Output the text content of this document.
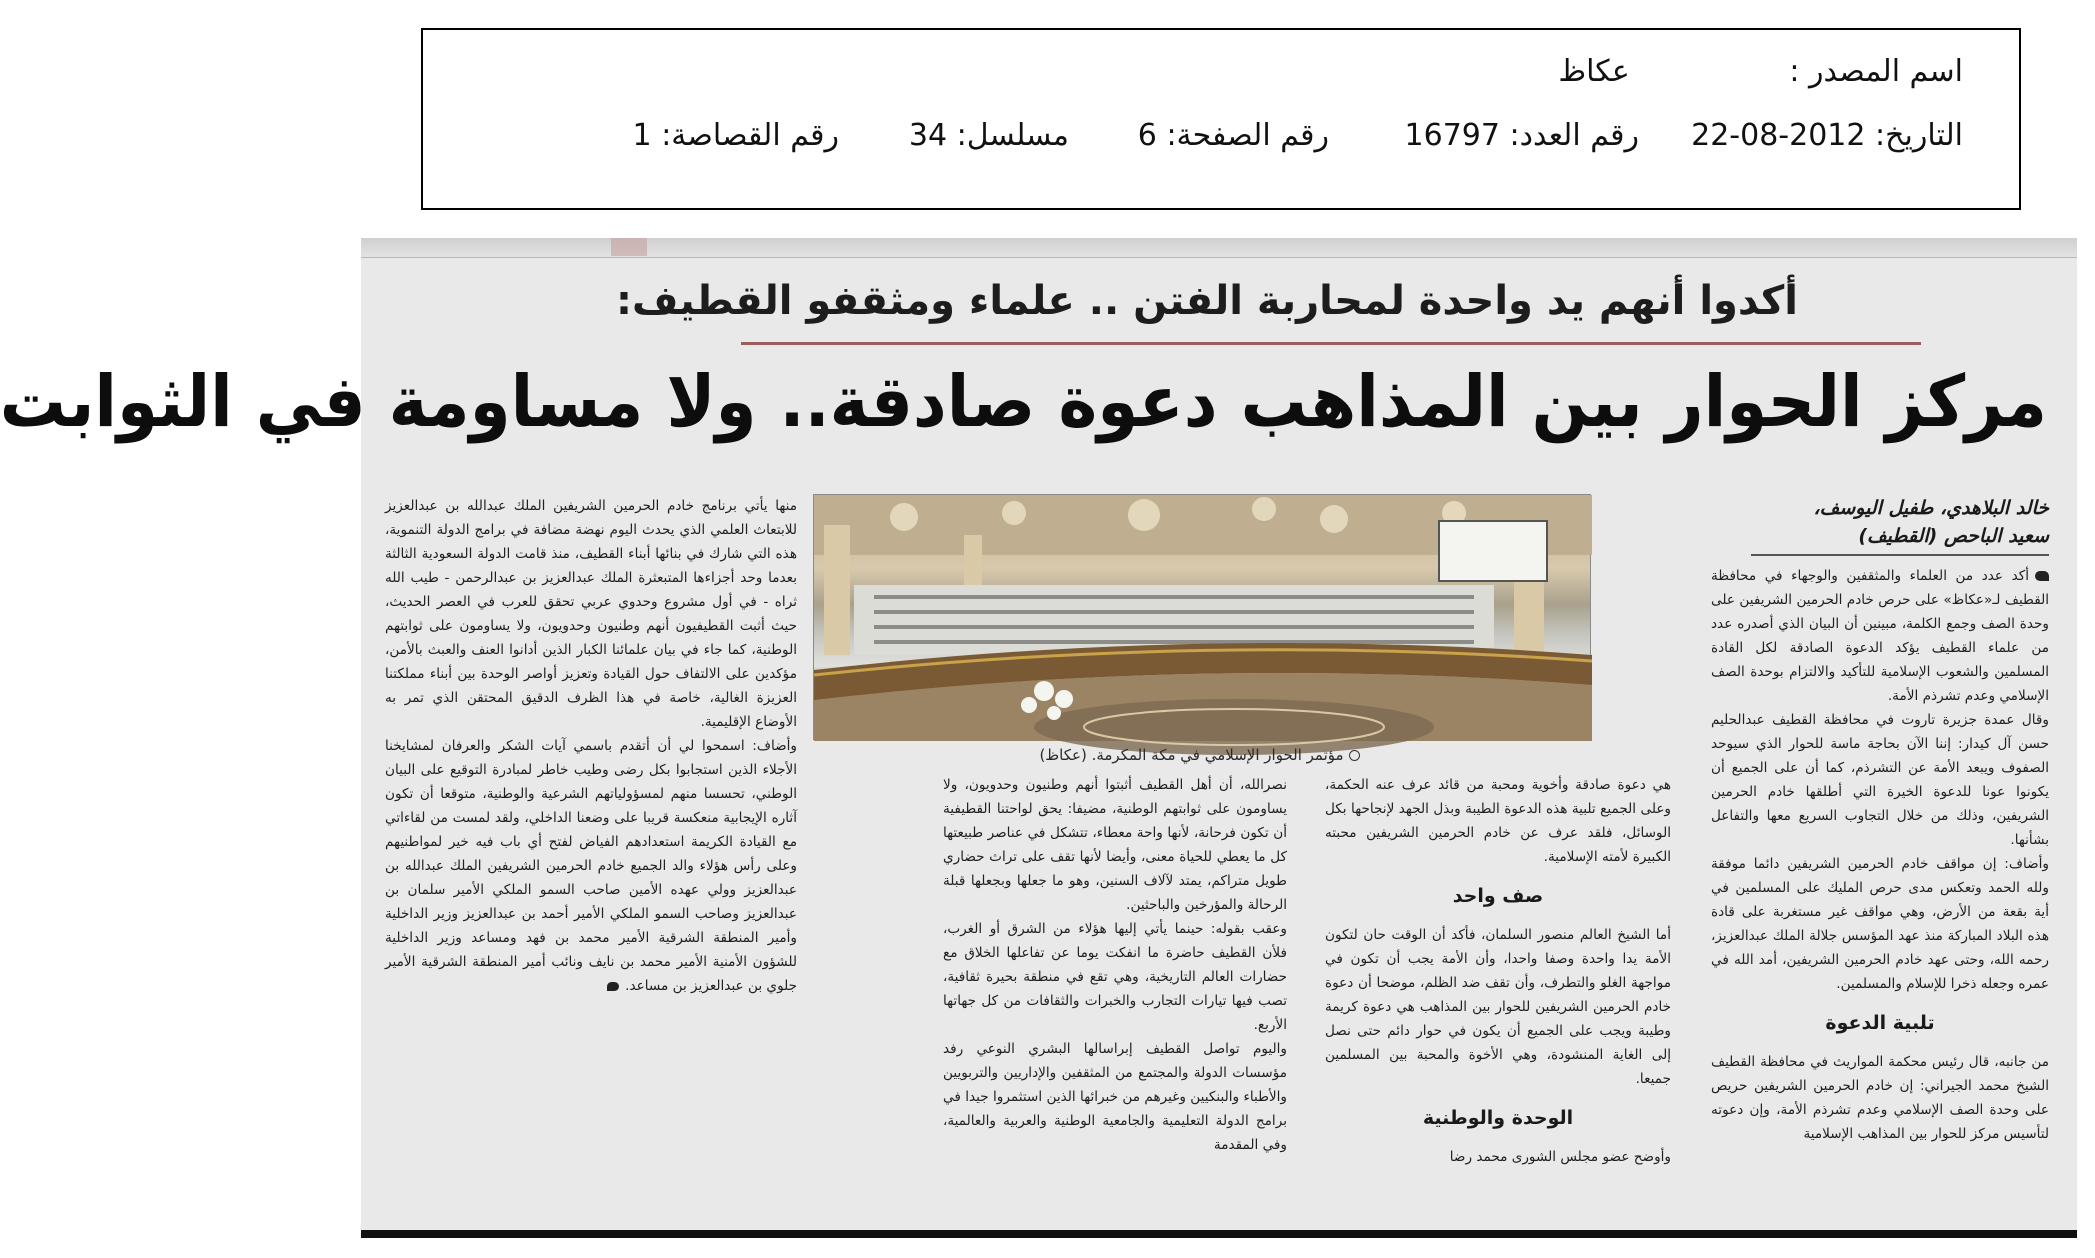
اسم المصدر : عكاظ
التاريخ: 22-08-2012
رقم العدد: 16797
رقم الصفحة: 6
مسلسل: 34
رقم القصاصة: 1
أكدوا أنهم يد واحدة لمحاربة الفتن .. علماء ومثقفو القطيف:
مركز الحوار بين المذاهب دعوة صادقة.. ولا مساومة في الثوابت
خالد البلاهدي، طفيل اليوسف،
سعيد الباحص (القطيف)

أكد عدد من العلماء والمثقفين والوجهاء في محافظة القطيف لـ«عكاظ» على حرص خادم الحرمين الشريفين على وحدة الصف وجمع الكلمة، مبينين أن البيان الذي أصدره عدد من علماء القطيف يؤكد الدعوة الصادقة لكل القادة المسلمين والشعوب الإسلامية للتأكيد والالتزام بوحدة الصف الإسلامي وعدم تشرذم الأمة.

وقال عمدة جزيرة تاروت في محافظة القطيف عبدالحليم حسن آل كيدار: إننا الآن بحاجة ماسة للحوار الذي سيوحد الصفوف ويبعد الأمة عن التشرذم، كما أن على الجميع أن يكونوا عونا للدعوة الخيرة التي أطلقها خادم الحرمين الشريفين، وذلك من خلال التجاوب السريع معها والتفاعل بشأنها.

وأضاف: إن مواقف خادم الحرمين الشريفين دائما موفقة ولله الحمد وتعكس مدى حرص المليك على المسلمين في أية بقعة من الأرض، وهي مواقف غير مستغربة على قادة هذه البلاد المباركة منذ عهد المؤسس جلالة الملك عبدالعزيز، رحمه الله، وحتى عهد خادم الحرمين الشريفين، أمد الله في عمره وجعله ذخرا للإسلام والمسلمين.

تلبية الدعوة

من جانبه، قال رئيس محكمة المواريث في محافظة القطيف الشيخ محمد الجيراني: إن خادم الحرمين الشريفين حريص على وحدة الصف الإسلامي وعدم تشرذم الأمة، وإن دعوته لتأسيس مركز للحوار بين المذاهب الإسلامية

مؤتمر الحوار الإسلامي في مكة المكرمة. (عكاظ)

هي دعوة صادقة وأخوية ومحبة من قائد عرف عنه الحكمة، وعلى الجميع تلبية هذه الدعوة الطيبة وبذل الجهد لإنجاحها بكل الوسائل، فلقد عرف عن خادم الحرمين الشريفين محبته الكبيرة لأمته الإسلامية.

صف واحد

أما الشيخ العالم منصور السلمان، فأكد أن الوقت حان لتكون الأمة يدا واحدة وصفا واحدا، وأن الأمة يجب أن تكون في مواجهة الغلو والتطرف، وأن تقف ضد الظلم، موضحا أن دعوة خادم الحرمين الشريفين للحوار بين المذاهب هي دعوة كريمة وطيبة ويجب على الجميع أن يكون في حوار دائم حتى نصل إلى الغاية المنشودة، وهي الأخوة والمحبة بين المسلمين جميعا.

الوحدة والوطنية

وأوضح عضو مجلس الشورى محمد رضا

نصرالله، أن أهل القطيف أثبتوا أنهم وطنيون وحدويون، ولا يساومون على ثوابتهم الوطنية، مضيفا: يحق لواحتنا القطيفية أن تكون فرحانة، لأنها واحة معطاء، تتشكل في عناصر طبيعتها كل ما يعطي للحياة معنى، وأيضا لأنها تقف على تراث حضاري طويل متراكم، يمتد لآلاف السنين، وهو ما جعلها وبجعلها قبلة الرحالة والمؤرخين والباحثين.

وعقب بقوله: حينما يأتي إليها هؤلاء من الشرق أو الغرب، فلأن القطيف حاضرة ما انفكت يوما عن تفاعلها الخلاق مع حضارات العالم التاريخية، وهي تقع في منطقة بحيرة ثقافية، تصب فيها تيارات التجارب والخبرات والثقافات من كل جهاتها الأربع.

واليوم تواصل القطيف إبراسالها البشري النوعي رفد مؤسسات الدولة والمجتمع من المثقفين والإداريين والتربويين والأطباء والبنكيين وغيرهم من خبرائها الذين استثمروا جيدا في برامج الدولة التعليمية والجامعية الوطنية والعربية والعالمية، وفي المقدمة

منها يأتي برنامج خادم الحرمين الشريفين الملك عبدالله بن عبدالعزيز للابتعاث العلمي الذي يحدث اليوم نهضة مضافة في برامج الدولة التنموية، هذه التي شارك في بنائها أبناء القطيف، منذ قامت الدولة السعودية الثالثة بعدما وحد أجزاءها المتبعثرة الملك عبدالعزيز بن عبدالرحمن - طيب الله ثراه - في أول مشروع وحدوي عربي تحقق للعرب في العصر الحديث، حيث أثبت القطيفيون أنهم وطنيون وحدويون، ولا يساومون على ثوابتهم الوطنية، كما جاء في بيان علمائنا الكبار الذين أدانوا العنف والعبث بالأمن، مؤكدين على الالتفاف حول القيادة وتعزيز أواصر الوحدة بين أبناء مملكتنا العزيزة الغالية، خاصة في هذا الظرف الدقيق المحتقن الذي تمر به الأوضاع الإقليمية.

وأضاف: اسمحوا لي أن أتقدم باسمي آيات الشكر والعرفان لمشايخنا الأجلاء الذين استجابوا بكل رضى وطيب خاطر لمبادرة التوقيع على البيان الوطني، تحسسا منهم لمسؤولياتهم الشرعية والوطنية، متوقعا أن تكون آثاره الإيجابية منعكسة قريبا على وضعنا الداخلي، ولقد لمست من لقاءاتي مع القيادة الكريمة استعدادهم الفياض لفتح أي باب فيه خير لمواطنيهم وعلى رأس هؤلاء والد الجميع خادم الحرمين الشريفين الملك عبدالله بن عبدالعزيز وولي عهده الأمين صاحب السمو الملكي الأمير سلمان بن عبدالعزيز وصاحب السمو الملكي الأمير أحمد بن عبدالعزيز وزير الداخلية وأمير المنطقة الشرقية الأمير محمد بن فهد ومساعد وزير الداخلية للشؤون الأمنية الأمير محمد بن نايف ونائب أمير المنطقة الشرقية الأمير جلوي بن عبدالعزيز بن مساعد.
